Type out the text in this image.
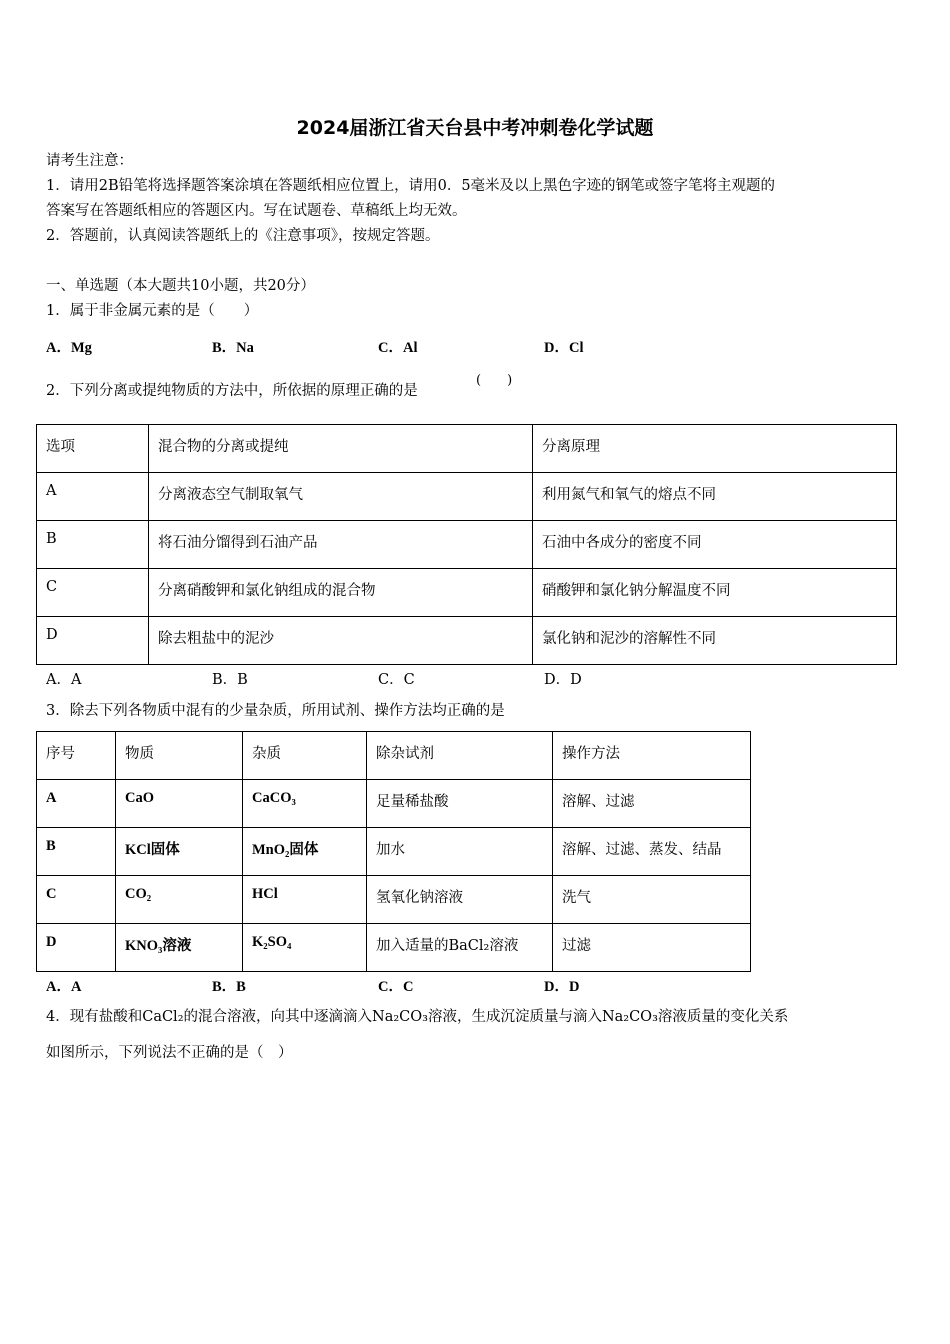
2024届浙江省天台县中考冲刺卷化学试题
请考生注意：
1．请用2B铅笔将选择题答案涂填在答题纸相应位置上，请用0．5毫米及以上黑色字迹的钢笔或签字笔将主观题的
答案写在答题纸相应的答题区内。写在试题卷、草稿纸上均无效。
2．答题前，认真阅读答题纸上的《注意事项》，按规定答题。
一、单选题（本大题共10小题，共20分）
1．属于非金属元素的是（　　）
A．Mg	B．Na	C．Al	D．Cl
2．下列分离或提纯物质的方法中，所依据的原理正确的是
(　　)
选项	混合物的分离或提纯	分离原理
A	分离液态空气制取氧气	利用氮气和氧气的熔点不同
B	将石油分馏得到石油产品	石油中各成分的密度不同
C	分离硝酸钾和氯化钠组成的混合物	硝酸钾和氯化钠分解温度不同
D	除去粗盐中的泥沙	氯化钠和泥沙的溶解性不同
A．A	B．B	C．C	D．D
3．除去下列各物质中混有的少量杂质，所用试剂、操作方法均正确的是
序号	物质	杂质	除杂试剂	操作方法
A	CaO	CaCO₃	足量稀盐酸	溶解、过滤
B	KCl固体	MnO₂固体	加水	溶解、过滤、蒸发、结晶
C	CO₂	HCl	氢氧化钠溶液	洗气
D	KNO₃溶液	K₂SO₄	加入适量的BaCl₂溶液	过滤
A．A	B．B	C．C	D．D
4．现有盐酸和CaCl₂的混合溶液，向其中逐滴滴入Na₂CO₃溶液，生成沉淀质量与滴入Na₂CO₃溶液质量的变化关系
如图所示，下列说法不正确的是（　）
